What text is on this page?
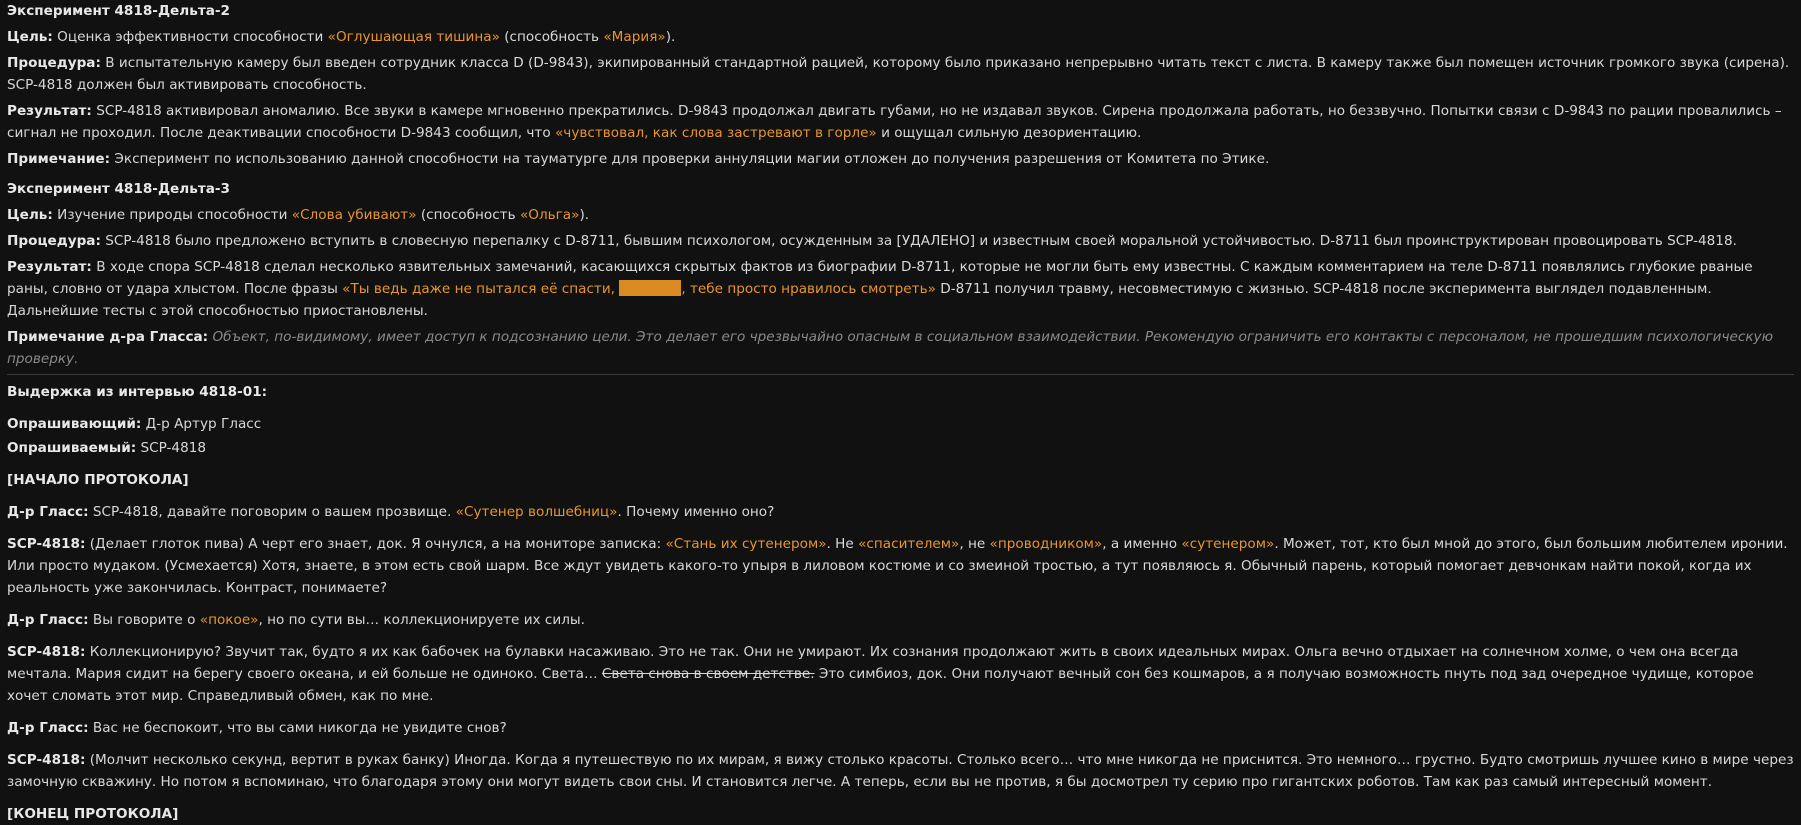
Эксперимент 4818-Дельта-2
Цель: Оценка эффективности способности «Оглушающая тишина» (способность «Мария»).
Процедура: В испытательную камеру был введен сотрудник класса D (D-9843), экипированный стандартной рацией, которому было приказано непрерывно читать текст с листа. В камеру также был помещен источник громкого звука (сирена). SCP-4818 должен был активировать способность.
Результат: SCP-4818 активировал аномалию. Все звуки в камере мгновенно прекратились. D-9843 продолжал двигать губами, но не издавал звуков. Сирена продолжала работать, но беззвучно. Попытки связи с D-9843 по рации провалились – сигнал не проходил. После деактивации способности D-9843 сообщил, что «чувствовал, как слова застревают в горле» и ощущал сильную дезориентацию.
Примечание: Эксперимент по использованию данной способности на тауматурге для проверки аннуляции магии отложен до получения разрешения от Комитета по Этике.
Эксперимент 4818-Дельта-3
Цель: Изучение природы способности «Слова убивают» (способность «Ольга»).
Процедура: SCP-4818 было предложено вступить в словесную перепалку с D-8711, бывшим психологом, осужденным за [УДАЛЕНО] и известным своей моральной устойчивостью. D-8711 был проинструктирован провоцировать SCP-4818.
Результат: В ходе спора SCP-4818 сделал несколько язвительных замечаний, касающихся скрытых фактов из биографии D-8711, которые не могли быть ему известны. С каждым комментарием на теле D-8711 появлялись глубокие рваные раны, словно от удара хлыстом. После фразы «Ты ведь даже не пытался её спасти,	, тебе просто нравилось смотреть» D-8711 получил травму, несовместимую с жизнью. SCP-4818 после эксперимента выглядел подавленным. Дальнейшие тесты с этой способностью приостановлены.
Примечание д-ра Гласса: Объект, по-видимому, имеет доступ к подсознанию цели. Это делает его чрезвычайно опасным в социальном взаимодействии. Рекомендую ограничить его контакты с персоналом, не прошедшим психологическую проверку.
Выдержка из интервью 4818-01:
Опрашивающий: Д-р Артур Гласс
Опрашиваемый: SCP-4818
[НАЧАЛО ПРОТОКОЛА]
Д-р Гласс: SCP-4818, давайте поговорим о вашем прозвище. «Сутенер волшебниц». Почему именно оно?
SCP-4818: (Делает глоток пива) А черт его знает, док. Я очнулся, а на мониторе записка: «Стань их сутенером». Не «спасителем», не «проводником», а именно «сутенером». Может, тот, кто был мной до этого, был большим любителем иронии. Или просто мудаком. (Усмехается) Хотя, знаете, в этом есть свой шарм. Все ждут увидеть какого-то упыря в лиловом костюме и со змеиной тростью, а тут появляюсь я. Обычный парень, который помогает девчонкам найти покой, когда их реальность уже закончилась. Контраст, понимаете?
Д-р Гласс: Вы говорите о «покое», но по сути вы… коллекционируете их силы.
SCP-4818: Коллекционирую? Звучит так, будто я их как бабочек на булавки насаживаю. Это не так. Они не умирают. Их сознания продолжают жить в своих идеальных мирах. Ольга вечно отдыхает на солнечном холме, о чем она всегда мечтала. Мария сидит на берегу своего океана, и ей больше не одиноко. Света… Света снова в своем детстве. Это симбиоз, док. Они получают вечный сон без кошмаров, а я получаю возможность пнуть под зад очередное чудище, которое хочет сломать этот мир. Справедливый обмен, как по мне.
Д-р Гласс: Вас не беспокоит, что вы сами никогда не увидите снов?
SCP-4818: (Молчит несколько секунд, вертит в руках банку) Иногда. Когда я путешествую по их мирам, я вижу столько красоты. Столько всего… что мне никогда не приснится. Это немного… грустно. Будто смотришь лучшее кино в мире через замочную скважину. Но потом я вспоминаю, что благодаря этому они могут видеть свои сны. И становится легче. А теперь, если вы не против, я бы досмотрел ту серию про гигантских роботов. Там как раз самый интересный момент.
[КОНЕЦ ПРОТОКОЛА]
